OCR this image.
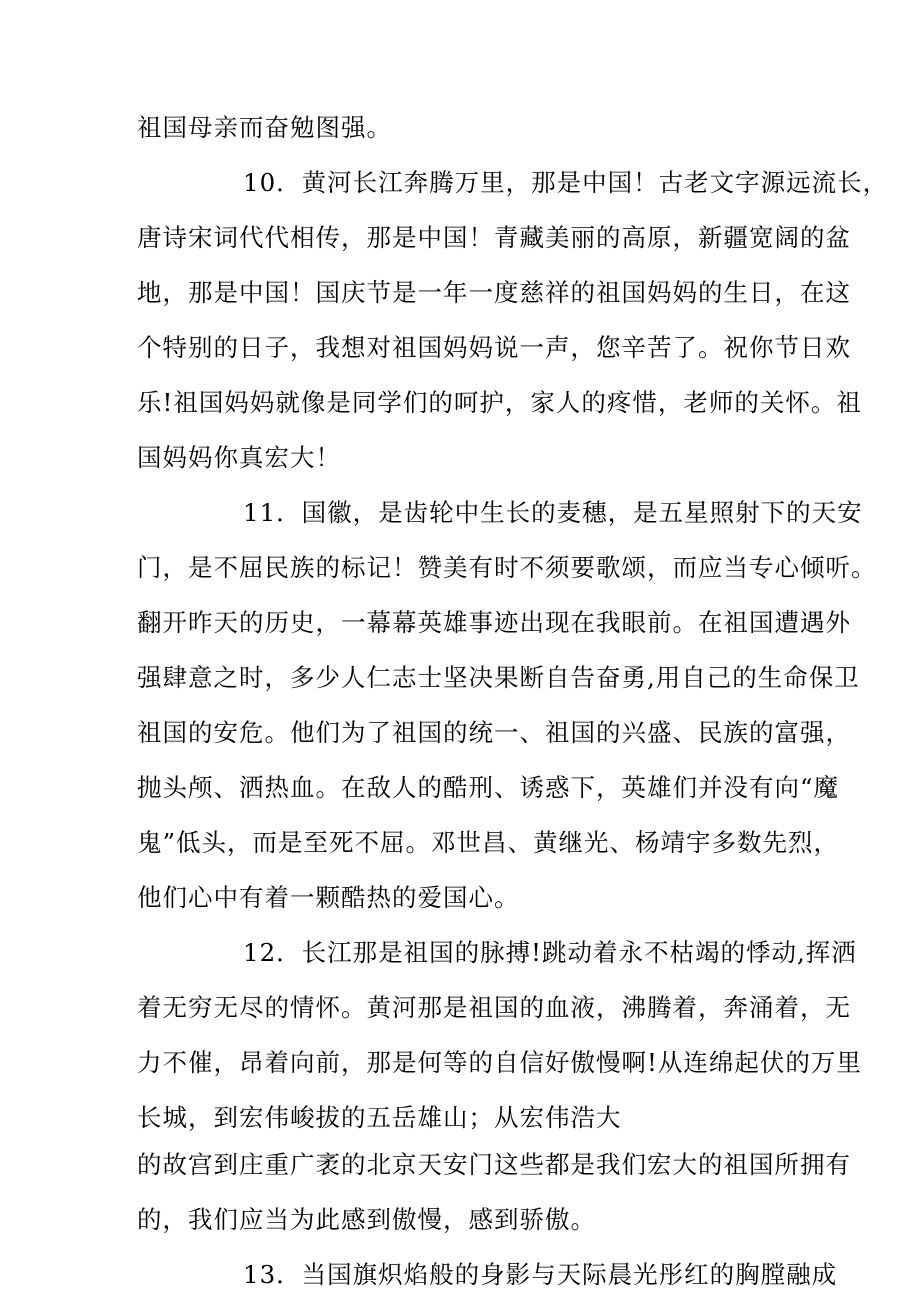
祖国母亲而奋勉图强。
10．黄河长江奔腾万里，那是中国！古老文字源远流长，
唐诗宋词代代相传，那是中国！青藏美丽的高原，新疆宽阔的盆
地，那是中国！国庆节是一年一度慈祥的祖国妈妈的生日，在这
个特别的日子，我想对祖国妈妈说一声，您辛苦了。祝你节日欢
乐!祖国妈妈就像是同学们的呵护，家人的疼惜，老师的关怀。祖
国妈妈你真宏大！
11．国徽，是齿轮中生长的麦穗，是五星照射下的天安
门，是不屈民族的标记！赞美有时不须要歌颂，而应当专心倾听。
翻开昨天的历史，一幕幕英雄事迹出现在我眼前。在祖国遭遇外
强肆意之时，多少人仁志士坚决果断自告奋勇,用自己的生命保卫
祖国的安危。他们为了祖国的统一、祖国的兴盛、民族的富强，
抛头颅、洒热血。在敌人的酷刑、诱惑下，英雄们并没有向“魔
鬼”低头，而是至死不屈。邓世昌、黄继光、杨靖宇多数先烈，
他们心中有着一颗酷热的爱国心。
12．长江那是祖国的脉搏!跳动着永不枯竭的悸动,挥洒
着无穷无尽的情怀。黄河那是祖国的血液，沸腾着，奔涌着，无
力不催，昂着向前，那是何等的自信好傲慢啊!从连绵起伏的万里
长城，到宏伟峻拔的五岳雄山；从宏伟浩大
的故宫到庄重广袤的北京天安门这些都是我们宏大的祖国所拥有
的，我们应当为此感到傲慢，感到骄傲。
13．当国旗炽焰般的身影与天际晨光彤红的胸膛融成
